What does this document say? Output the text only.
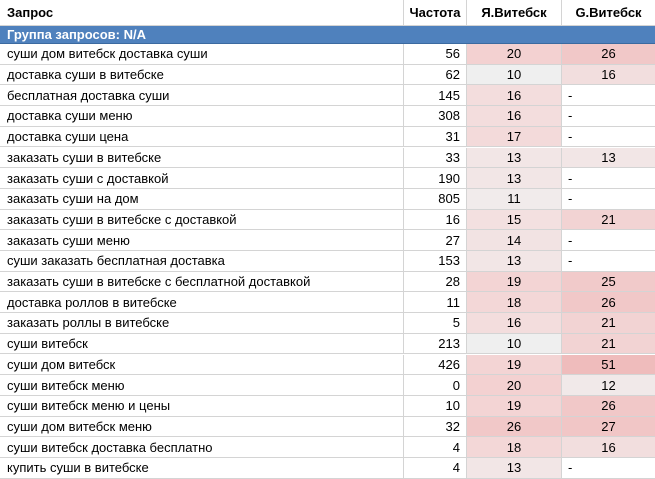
Запрос	Частота	Я.Витебск	G.Витебск
Группа запросов: N/A
суши дом витебск доставка суши	56	20	26
доставка суши в витебске	62	10	16
бесплатная доставка суши	145	16	-
доставка суши меню	308	16	-
доставка суши цена	31	17	-
заказать суши в витебске	33	13	13
заказать суши с доставкой	190	13	-
заказать суши на дом	805	11	-
заказать суши в витебске с доставкой	16	15	21
заказать суши меню	27	14	-
суши заказать бесплатная доставка	153	13	-
заказать суши в витебске с бесплатной доставкой	28	19	25
доставка роллов в витебске	11	18	26
заказать роллы в витебске	5	16	21
суши витебск	213	10	21
суши дом витебск	426	19	51
суши витебск меню	0	20	12
суши витебск меню и цены	10	19	26
суши дом витебск меню	32	26	27
суши витебск доставка бесплатно	4	18	16
купить суши в витебске	4	13	-
